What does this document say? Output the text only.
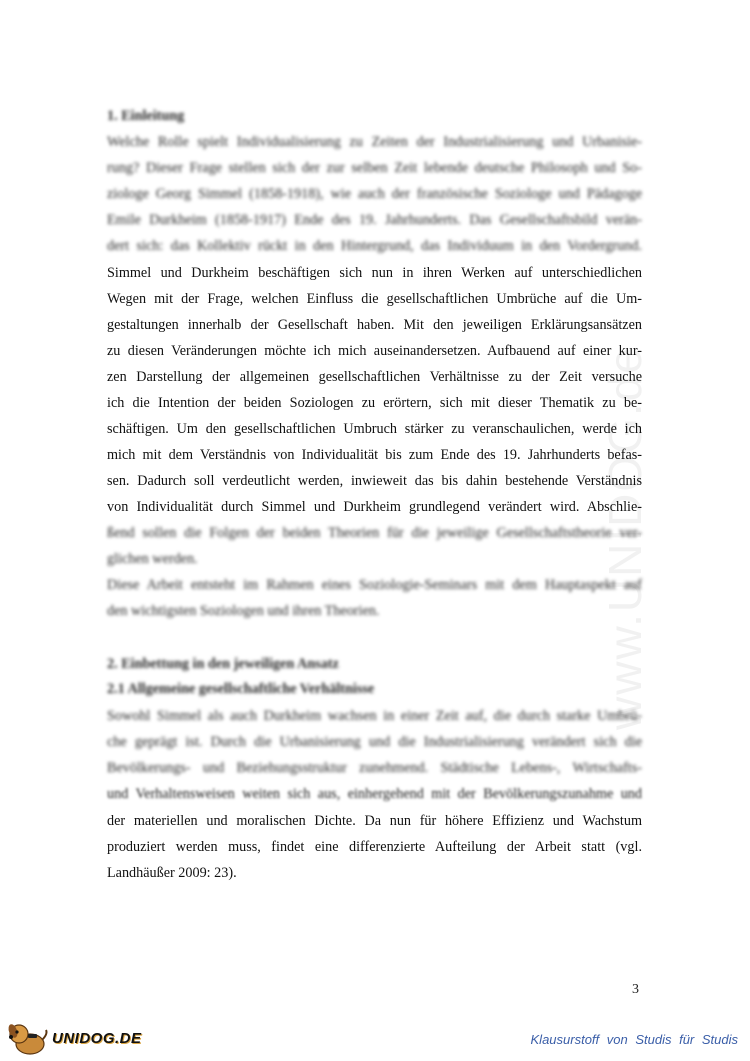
www.UNIDOG.de
1. Einleitung
Welche Rolle spielt Individualisierung zu Zeiten der Industrialisierung und Urbanisie-
rung? Dieser Frage stellen sich der zur selben Zeit lebende deutsche Philosoph und So-
ziologe Georg Simmel (1858-1918), wie auch der französische Soziologe und Pädagoge
Emile Durkheim (1858-1917) Ende des 19. Jahrhunderts. Das Gesellschaftsbild verän-
dert sich: das Kollektiv rückt in den Hintergrund, das Individuum in den Vordergrund.
Simmel und Durkheim beschäftigen sich nun in ihren Werken auf unterschiedlichen
Wegen mit der Frage, welchen Einfluss die gesellschaftlichen Umbrüche auf die Um-
gestaltungen innerhalb der Gesellschaft haben. Mit den jeweiligen Erklärungsansätzen
zu diesen Veränderungen möchte ich mich auseinandersetzen. Aufbauend auf einer kur-
zen Darstellung der allgemeinen gesellschaftlichen Verhältnisse zu der Zeit versuche
ich die Intention der beiden Soziologen zu erörtern, sich mit dieser Thematik zu be-
schäftigen. Um den gesellschaftlichen Umbruch stärker zu veranschaulichen, werde ich
mich mit dem Verständnis von Individualität bis zum Ende des 19. Jahrhunderts befas-
sen. Dadurch soll verdeutlicht werden, inwieweit das bis dahin bestehende Verständnis
von Individualität durch Simmel und Durkheim grundlegend verändert wird. Abschlie-
ßend sollen die Folgen der beiden Theorien für die jeweilige Gesellschaftstheorie ver-
glichen werden.
Diese Arbeit entsteht im Rahmen eines Soziologie-Seminars mit dem Hauptaspekt auf
den wichtigsten Soziologen und ihren Theorien.
2. Einbettung in den jeweiligen Ansatz
2.1 Allgemeine gesellschaftliche Verhältnisse
Sowohl Simmel als auch Durkheim wachsen in einer Zeit auf, die durch starke Umbrü-
che geprägt ist. Durch die Urbanisierung und die Industrialisierung verändert sich die
Bevölkerungs- und Beziehungsstruktur zunehmend. Städtische Lebens-, Wirtschafts-
und Verhaltensweisen weiten sich aus, einhergehend mit der Bevölkerungszunahme und
der materiellen und moralischen Dichte. Da nun für höhere Effizienz und Wachstum
produziert werden muss, findet eine differenzierte Aufteilung der Arbeit statt (vgl.
Landhäußer 2009: 23).
3
UNIDOG.DE	Klausurstoff von Studis für Studis
